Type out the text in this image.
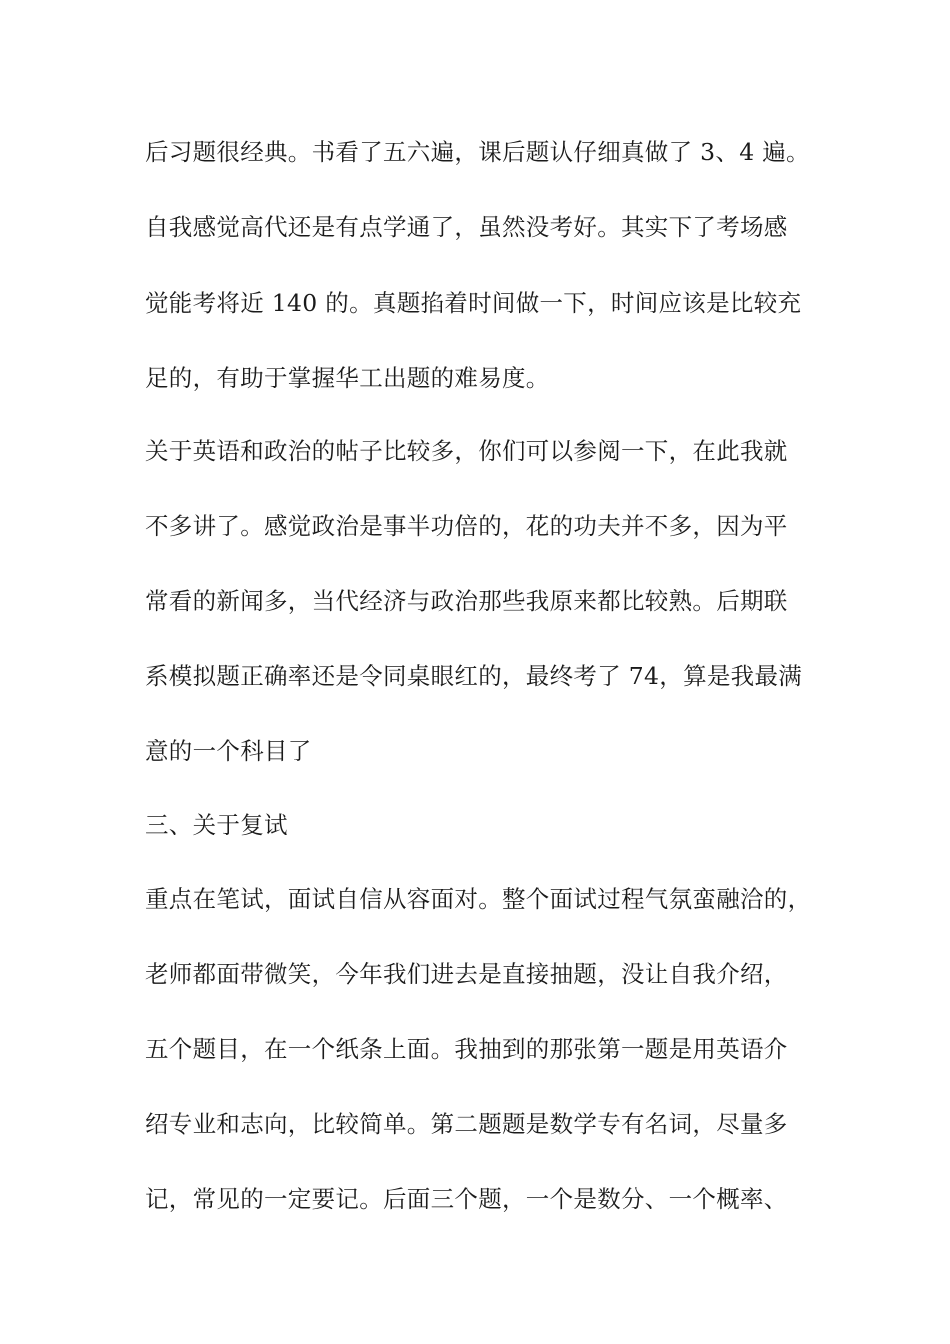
后习题很经典。书看了五六遍，课后题认仔细真做了 3、4 遍。
自我感觉高代还是有点学通了，虽然没考好。其实下了考场感
觉能考将近 140 的。真题掐着时间做一下，时间应该是比较充
足的，有助于掌握华工出题的难易度。
关于英语和政治的帖子比较多，你们可以参阅一下，在此我就
不多讲了。感觉政治是事半功倍的，花的功夫并不多，因为平
常看的新闻多，当代经济与政治那些我原来都比较熟。后期联
系模拟题正确率还是令同桌眼红的，最终考了 74，算是我最满
意的一个科目了
三、关于复试
重点在笔试，面试自信从容面对。整个面试过程气氛蛮融洽的，
老师都面带微笑，今年我们进去是直接抽题，没让自我介绍，
五个题目，在一个纸条上面。我抽到的那张第一题是用英语介
绍专业和志向，比较简单。第二题题是数学专有名词，尽量多
记，常见的一定要记。后面三个题，一个是数分、一个概率、
